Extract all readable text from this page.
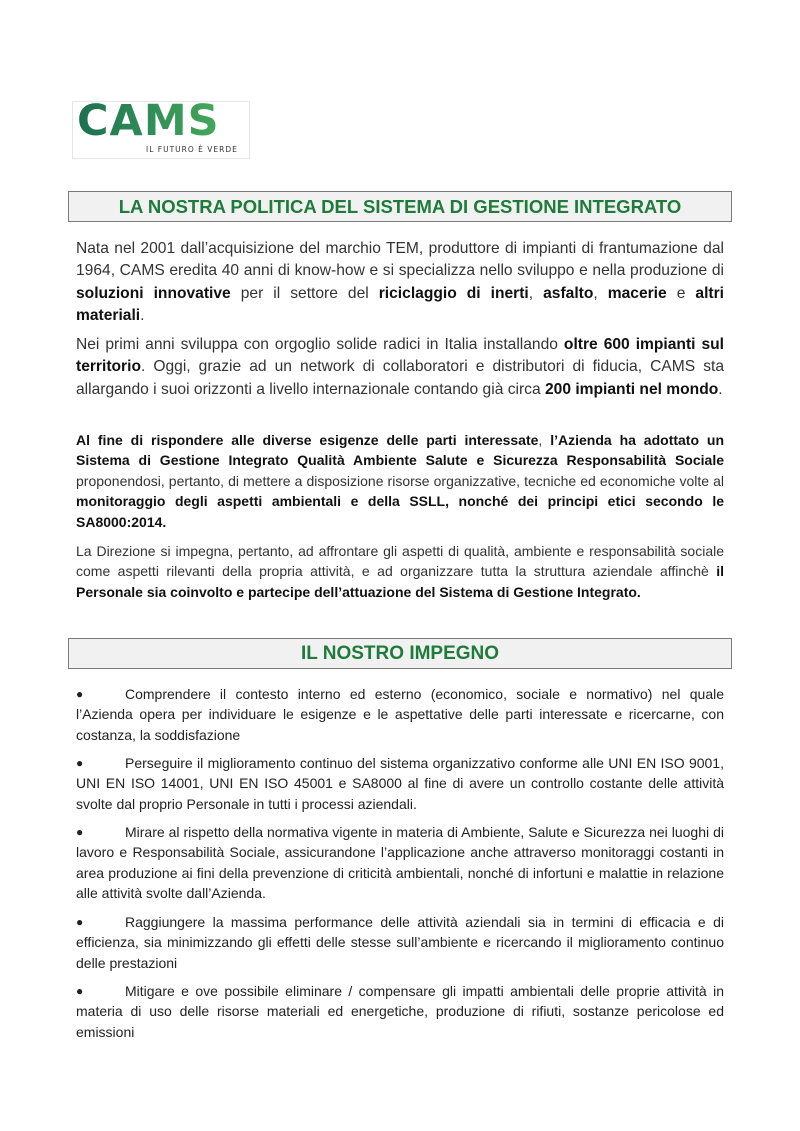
CAMS
IL FUTURO È VERDE
LA NOSTRA POLITICA DEL SISTEMA DI GESTIONE INTEGRATO

Nata nel 2001 dall’acquisizione del marchio TEM, produttore di impianti di frantumazione dal 1964, CAMS eredita 40 anni di know-how e si specializza nello sviluppo e nella produzione di soluzioni innovative per il settore del riciclaggio di inerti, asfalto, macerie e altri materiali.

Nei primi anni sviluppa con orgoglio solide radici in Italia installando oltre 600 impianti sul territorio. Oggi, grazie ad un network di collaboratori e distributori di fiducia, CAMS sta allargando i suoi orizzonti a livello internazionale contando già circa 200 impianti nel mondo.

Al fine di rispondere alle diverse esigenze delle parti interessate, l’Azienda ha adottato un Sistema di Gestione Integrato Qualità Ambiente Salute e Sicurezza Responsabilità Sociale proponendosi, pertanto, di mettere a disposizione risorse organizzative, tecniche ed economiche volte al monitoraggio degli aspetti ambientali e della SSLL, nonché dei principi etici secondo le SA8000:2014.

La Direzione si impegna, pertanto, ad affrontare gli aspetti di qualità, ambiente e responsabilità sociale come aspetti rilevanti della propria attività, e ad organizzare tutta la struttura aziendale affinchè il Personale sia coinvolto e partecipe dell’attuazione del Sistema di Gestione Integrato.

IL NOSTRO IMPEGNO

●	Comprendere il contesto interno ed esterno (economico, sociale e normativo) nel quale l’Azienda opera per individuare le esigenze e le aspettative delle parti interessate e ricercarne, con costanza, la soddisfazione

●	Perseguire il miglioramento continuo del sistema organizzativo conforme alle UNI EN ISO 9001, UNI EN ISO 14001, UNI EN ISO 45001 e SA8000 al fine di avere un controllo costante delle attività svolte dal proprio Personale in tutti i processi aziendali.

●	Mirare al rispetto della normativa vigente in materia di Ambiente, Salute e Sicurezza nei luoghi di lavoro e Responsabilità Sociale, assicurandone l’applicazione anche attraverso monitoraggi costanti in area produzione ai fini della prevenzione di criticità ambientali, nonché di infortuni e malattie in relazione alle attività svolte dall’Azienda.

●	Raggiungere la massima performance delle attività aziendali sia in termini di efficacia e di efficienza, sia minimizzando gli effetti delle stesse sull’ambiente e ricercando il miglioramento continuo delle prestazioni

●	Mitigare e ove possibile eliminare / compensare gli impatti ambientali delle proprie attività in materia di uso delle risorse materiali ed energetiche, produzione di rifiuti, sostanze pericolose ed emissioni
